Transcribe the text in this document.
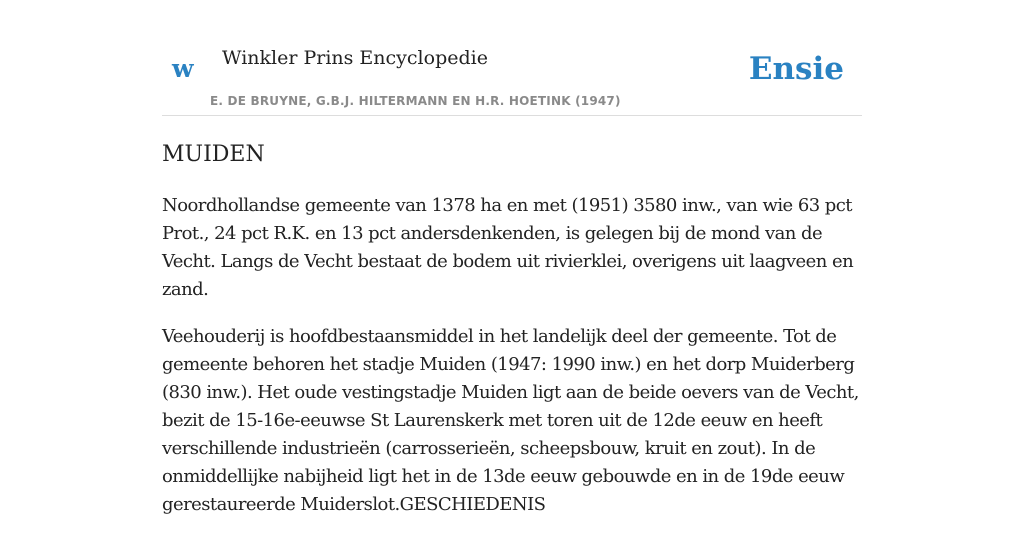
w Winkler Prins Encyclopedie
E. DE BRUYNE, G.B.J. HILTERMANN EN H.R. HOETINK (1947)
Ensie
MUIDEN

Noordhollandse gemeente van 1378 ha en met (1951) 3580 inw., van wie 63 pct Prot., 24 pct R.K. en 13 pct andersdenkenden, is gelegen bij de mond van de Vecht. Langs de Vecht bestaat de bodem uit rivierklei, overigens uit laagveen en zand.

Veehouderij is hoofdbestaansmiddel in het landelijk deel der gemeente. Tot de gemeente behoren het stadje Muiden (1947: 1990 inw.) en het dorp Muiderberg (830 inw.). Het oude vestingstadje Muiden ligt aan de beide oevers van de Vecht, bezit de 15-16e-eeuwse St Laurenskerk met toren uit de 12de eeuw en heeft verschillende industrieën (carrosserieën, scheepsbouw, kruit en zout). In de onmiddellijke nabijheid ligt het in de 13de eeuw gebouwde en in de 19de eeuw gerestaureerde Muiderslot.GESCHIEDENIS
